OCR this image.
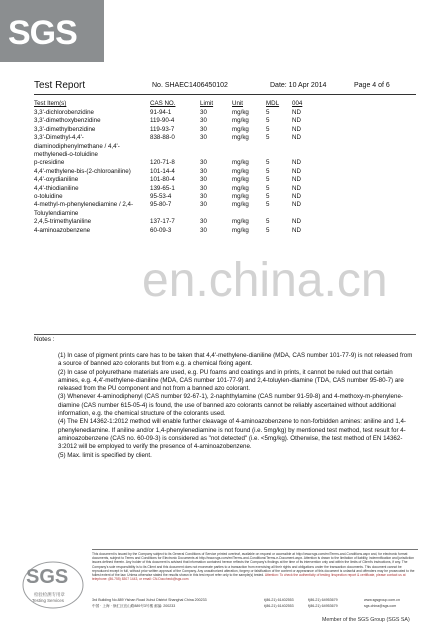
SGS
Test Report	No. SHAEC1406450102	Date: 10 Apr 2014	Page 4 of 6
Test Item(s)	CAS NO.	Limit	Unit	MDL	004
3,3'-dichlorobenzidine	91-94-1	30	mg/kg	5	ND
3,3'-dimethoxybenzidine	119-90-4	30	mg/kg	5	ND
3,3'-dimethylbenzidine	119-93-7	30	mg/kg	5	ND
3,3'-Dimethyl-4,4'-diaminodiphenylmethane / 4,4'-methylenedi-o-toluidine	838-88-0	30	mg/kg	5	ND
p-cresidine	120-71-8	30	mg/kg	5	ND
4,4'-methylene-bis-(2-chloroaniline)	101-14-4	30	mg/kg	5	ND
4,4'-oxydianiline	101-80-4	30	mg/kg	5	ND
4,4'-thiodianiline	139-65-1	30	mg/kg	5	ND
o-toluidine	95-53-4	30	mg/kg	5	ND
4-methyl-m-phenylenediamine / 2,4-Toluylendiamine	95-80-7	30	mg/kg	5	ND
2,4,5-trimethylaniline	137-17-7	30	mg/kg	5	ND
4-aminoazobenzene	60-09-3	30	mg/kg	5	ND
en.china.cn
Notes :

(1) In case of pigment prints care has to be taken that 4,4'-methylene-dianiline (MDA, CAS number 101-77-9) is not released from a source of banned azo colorants but from e.g. a chemical fixing agent.

(2) In case of polyurethane materials are used, e.g. PU foams and coatings and in prints, it cannot be ruled out that certain amines, e.g. 4,4'-methylene-dianiline (MDA, CAS number 101-77-9) and 2,4-toluylen-diamine (TDA, CAS number 95-80-7) are released from the PU component and not from a banned azo colorant.

(3) Whenever 4-aminodiphenyl (CAS number 92-67-1), 2-naphthylamine (CAS number 91-59-8) and 4-methoxy-m-phenylene-diamine (CAS number 615-05-4) is found, the use of banned azo colorants cannot be reliably ascertained without additional information, e.g. the chemical structure of the colorants used.

(4) The EN 14362-1:2012 method will enable further cleavage of 4-aminoazobenzene to non-forbidden amines: aniline and 1,4-phenylenediamine. If aniline and/or 1,4-phenylenediamine is not found (i.e. 5mg/kg) by mentioned test method, test result for 4-aminoazobenzene (CAS no. 60-09-3) is considered as "not detected" (i.e. <5mg/kg). Otherwise, the test method of EN 14362-3:2012 will be employed to verify the presence of 4-aminoazobenzene.

(5) Max. limit is specified by client.

SGS
检验检测专用章
Testing Services
This document is issued by the Company subject to its General Conditions of Service printed overleaf, available on request or accessible at http://www.sgs.com/en/Terms-and-Conditions.aspx and, for electronic format documents, subject to Terms and Conditions for Electronic Documents at http://www.sgs.com/en/Terms-and-Conditions/Terms-e-Document.aspx. Attention is drawn to the limitation of liability, indemnification and jurisdiction issues defined therein. Any holder of this document is advised that information contained hereon reflects the Company's findings at the time of its intervention only and within the limits of Client's instructions, if any. The Company's sole responsibility is to its Client and this document does not exonerate parties to a transaction from exercising all their rights and obligations under the transaction documents. This document cannot be reproduced except in full, without prior written approval of the Company. Any unauthorized alteration, forgery or falsification of the content or appearance of this document is unlawful and offenders may be prosecuted to the fullest extent of the law. Unless otherwise stated the results shown in this test report refer only to the sample(s) tested. Attention: To check the authenticity of testing /inspection report & certificate, please contact us at telephone: (86-755) 8307 1443, or email: CN.Doccheck@sgs.com
3rd Building No.889 Yishan Road Xuhui District Shanghai China 200233
中国 · 上海 · 徐汇区宜山路889号3号楼 邮编: 200233
t(86-21) 61402553
t(86-21) 61402553
f(86-21) 64953679
f(86-21) 64953679
www.sgsgroup.com.cn
sgs.china@sgs.com
Member of the SGS Group (SGS SA)
